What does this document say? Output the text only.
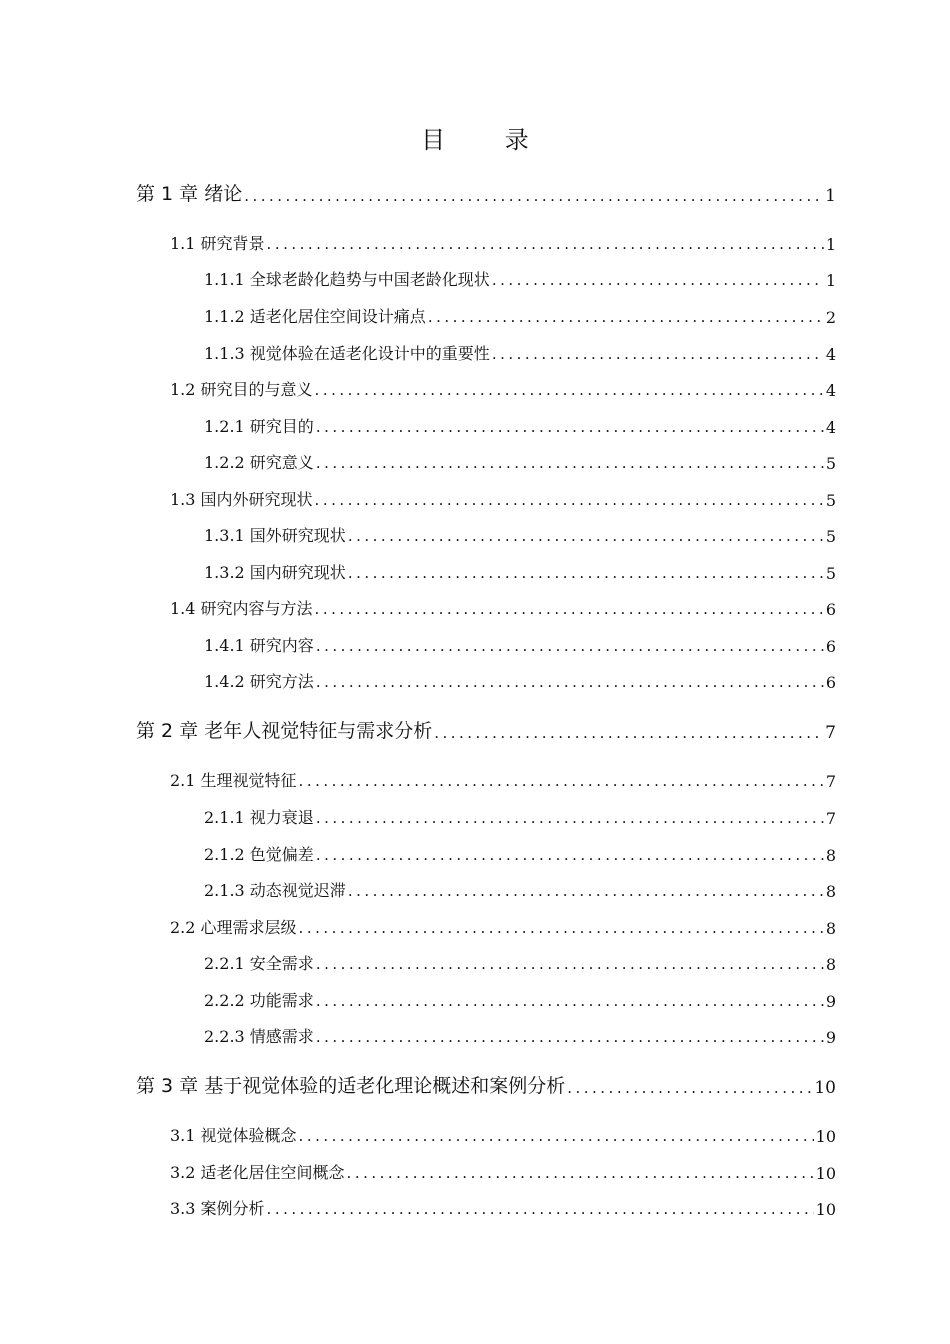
目 录
第 1 章 绪论 .....	1
1.1 研究背景 .....	1
1.1.1 全球老龄化趋势与中国老龄化现状 .....	1
1.1.2 适老化居住空间设计痛点 .....	2
1.1.3 视觉体验在适老化设计中的重要性 .....	4
1.2 研究目的与意义 .....	4
1.2.1 研究目的 .....	4
1.2.2 研究意义 .....	5
1.3 国内外研究现状 .....	5
1.3.1 国外研究现状 .....	5
1.3.2 国内研究现状 .....	5
1.4 研究内容与方法 .....	6
1.4.1 研究内容 .....	6
1.4.2 研究方法 .....	6
第 2 章 老年人视觉特征与需求分析 .....	7
2.1 生理视觉特征 .....	7
2.1.1 视力衰退 .....	7
2.1.2 色觉偏差 .....	8
2.1.3 动态视觉迟滞 .....	8
2.2 心理需求层级 .....	8
2.2.1 安全需求 .....	8
2.2.2 功能需求 .....	9
2.2.3 情感需求 .....	9
第 3 章 基于视觉体验的适老化理论概述和案例分析 .....	10
3.1 视觉体验概念 .....	10
3.2 适老化居住空间概念 .....	10
3.3 案例分析 .....	10
